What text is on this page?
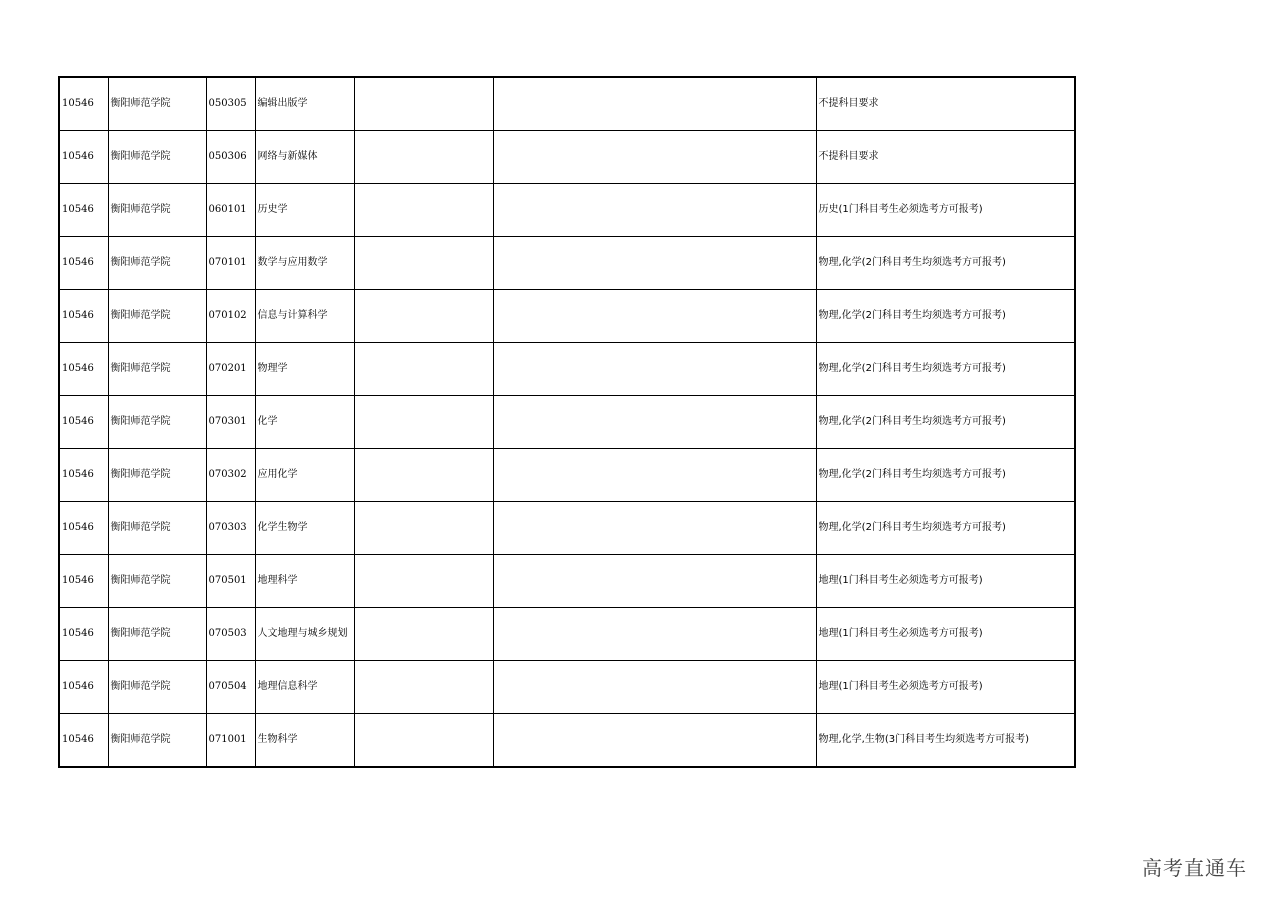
10546	衡阳师范学院	050305	编辑出版学			不提科目要求
10546	衡阳师范学院	050306	网络与新媒体			不提科目要求
10546	衡阳师范学院	060101	历史学			历史(1门科目考生必须选考方可报考)
10546	衡阳师范学院	070101	数学与应用数学			物理,化学(2门科目考生均须选考方可报考)
10546	衡阳师范学院	070102	信息与计算科学			物理,化学(2门科目考生均须选考方可报考)
10546	衡阳师范学院	070201	物理学			物理,化学(2门科目考生均须选考方可报考)
10546	衡阳师范学院	070301	化学			物理,化学(2门科目考生均须选考方可报考)
10546	衡阳师范学院	070302	应用化学			物理,化学(2门科目考生均须选考方可报考)
10546	衡阳师范学院	070303	化学生物学			物理,化学(2门科目考生均须选考方可报考)
10546	衡阳师范学院	070501	地理科学			地理(1门科目考生必须选考方可报考)
10546	衡阳师范学院	070503	人文地理与城乡规划			地理(1门科目考生必须选考方可报考)
10546	衡阳师范学院	070504	地理信息科学			地理(1门科目考生必须选考方可报考)
10546	衡阳师范学院	071001	生物科学			物理,化学,生物(3门科目考生均须选考方可报考)
高考直通车
